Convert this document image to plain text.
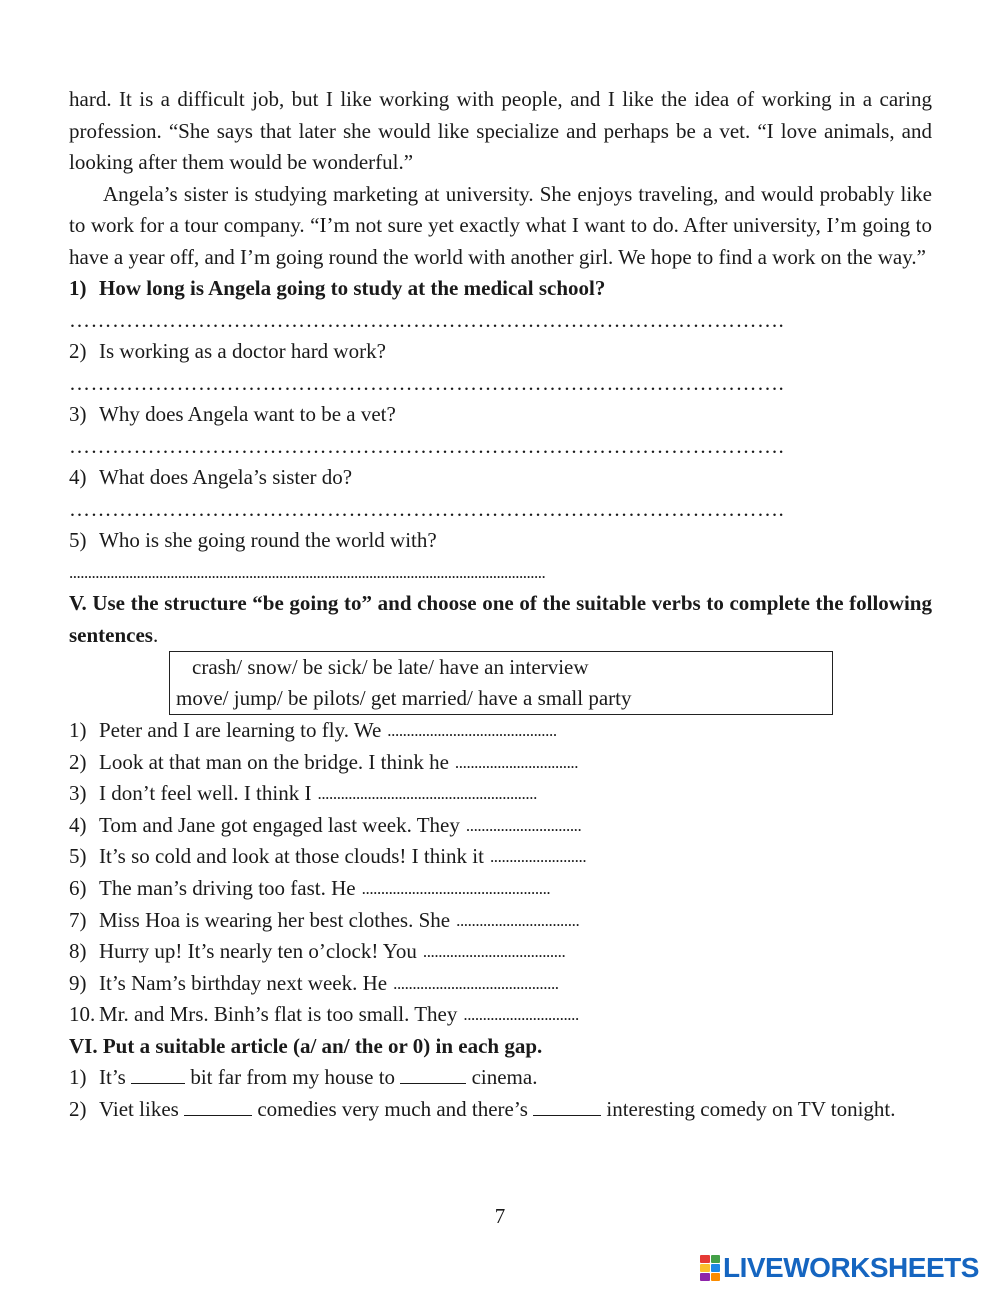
hard. It is a difficult job, but I like working with people, and I like the idea of working in a caring profession. “She says that later she would like specialize and perhaps be a vet. “I love animals, and looking after them would be wonderful.”

Angela’s sister is studying marketing at university. She enjoys traveling, and would probably like to work for a tour company. “I’m not sure yet exactly what I want to do. After university, I’m going to have a year off, and I’m going round the world with another girl. We hope to find a work on the way.”

1) How long is Angela going to study at the medical school?

……………………………………………………………………………………….

2) Is working as a doctor hard work?

……………………………………………………………………………………….

3) Why does Angela want to be a vet?

……………………………………………………………………………………….

4) What does Angela’s sister do?

……………………………………………………………………………………….

5) Who is she going round the world with?

...............................................................................................................................

V. Use the structure “be going to” and choose one of the suitable verbs to complete the following sentences.

crash/ snow/ be sick/ be late/ have an interview

move/ jump/ be pilots/ get married/ have a small party

1) Peter and I are learning to fly. We ............................................
2) Look at that man on the bridge. I think he ................................
3) I don’t feel well. I think I .........................................................
4) Tom and Jane got engaged last week. They ..............................
5) It’s so cold and look at those clouds! I think it .........................
6) The man’s driving too fast. He .................................................
7) Miss Hoa is wearing her best clothes. She ................................
8) Hurry up! It’s nearly ten o’clock! You .....................................
9) It’s Nam’s birthday next week. He ...........................................
10. Mr. and Mrs. Binh’s flat is too small. They ..............................

VI. Put a suitable article (a/ an/ the or 0) in each gap.

1) It’s	bit far from my house to	cinema.
2) Viet likes	comedies very much and there’s	interesting comedy on TV tonight.
7
LIVEWORKSHEETS
